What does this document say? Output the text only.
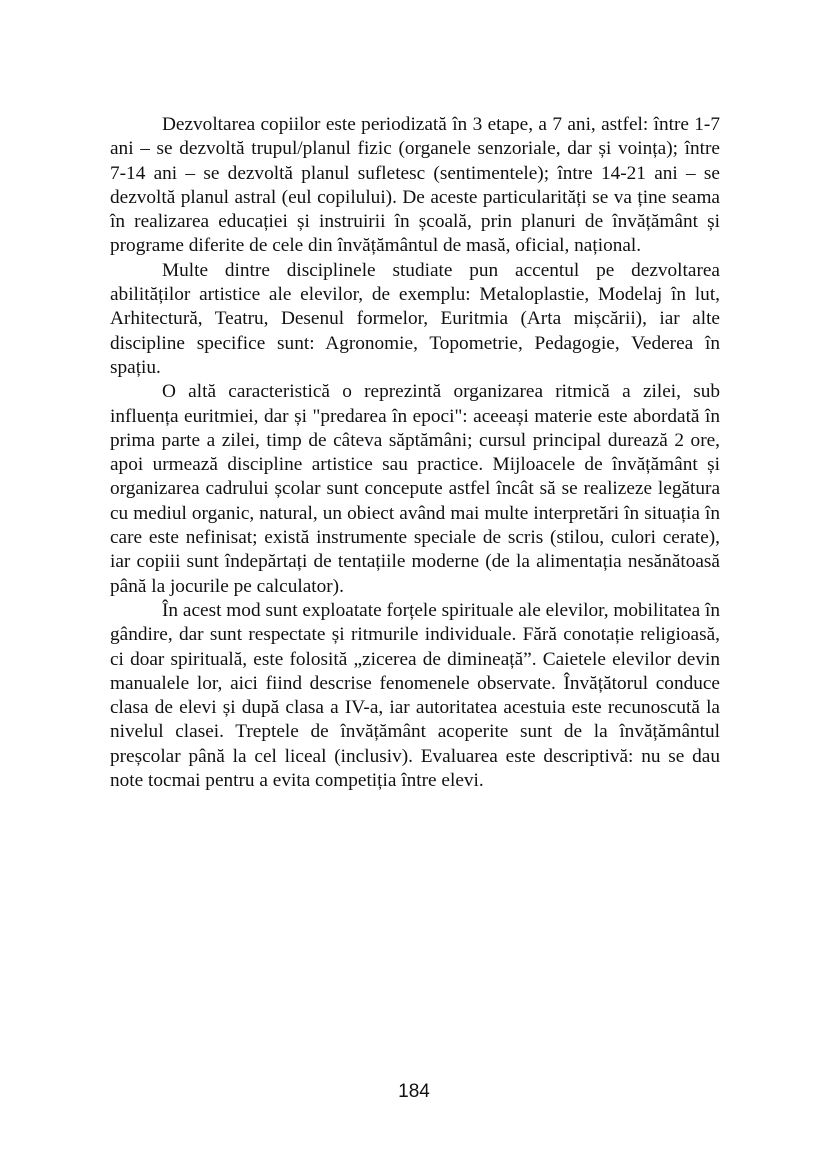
Dezvoltarea copiilor este periodizată în 3 etape, a 7 ani, astfel: între 1-7 ani – se dezvoltă trupul/planul fizic (organele senzoriale, dar și voința); între 7-14 ani – se dezvoltă planul sufletesc (sentimentele); între 14-21 ani – se dezvoltă planul astral (eul copilului). De aceste particularități se va ține seama în realizarea educației și instruirii în școală, prin planuri de învățământ și programe diferite de cele din învățământul de masă, oficial, național.

Multe dintre disciplinele studiate pun accentul pe dezvoltarea abilităților artistice ale elevilor, de exemplu: Metaloplastie, Modelaj în lut, Arhitectură, Teatru, Desenul formelor, Euritmia (Arta mișcării), iar alte discipline specifice sunt: Agronomie, Topometrie, Pedagogie, Vederea în spațiu.

O altă caracteristică o reprezintă organizarea ritmică a zilei, sub influența euritmiei, dar și "predarea în epoci": aceeași materie este abordată în prima parte a zilei, timp de câteva săptămâni; cursul principal durează 2 ore, apoi urmează discipline artistice sau practice. Mijloacele de învățământ și organizarea cadrului școlar sunt concepute astfel încât să se realizeze legătura cu mediul organic, natural, un obiect având mai multe interpretări în situația în care este nefinisat; există instrumente speciale de scris (stilou, culori cerate), iar copiii sunt îndepărtați de tentațiile moderne (de la alimentația nesănătoasă până la jocurile pe calculator).

În acest mod sunt exploatate forțele spirituale ale elevilor, mobilitatea în gândire, dar sunt respectate și ritmurile individuale. Fără conotație religioasă, ci doar spirituală, este folosită „zicerea de dimineață”. Caietele elevilor devin manualele lor, aici fiind descrise fenomenele observate. Învățătorul conduce clasa de elevi și după clasa a IV-a, iar autoritatea acestuia este recunoscută la nivelul clasei. Treptele de învățământ acoperite sunt de la învățământul preșcolar până la cel liceal (inclusiv). Evaluarea este descriptivă: nu se dau note tocmai pentru a evita competiția între elevi.

184
